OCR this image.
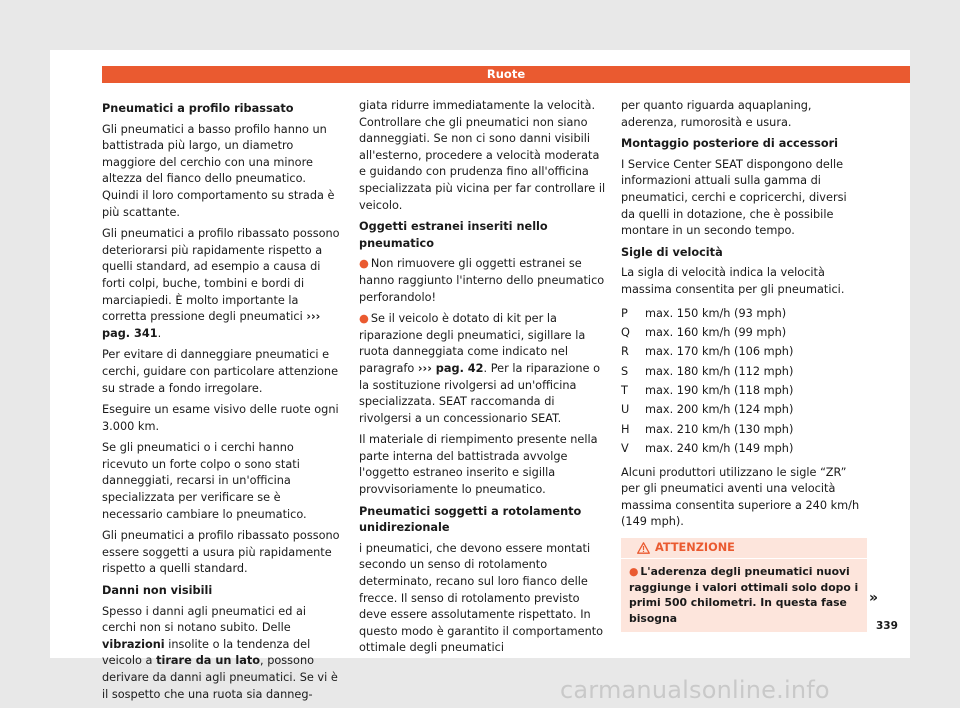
Ruote
Pneumatici a profilo ribassato

Gli pneumatici a basso profilo hanno un battistrada più largo, un diametro maggiore del cerchio con una minore altezza del fianco dello pneumatico. Quindi il loro comportamento su strada è più scattante.

Gli pneumatici a profilo ribassato possono deteriorarsi più rapidamente rispetto a quelli standard, ad esempio a causa di forti colpi, buche, tombini e bordi di marciapiedi. È molto importante la corretta pressione degli pneumatici ››› pag. 341.

Per evitare di danneggiare pneumatici e cerchi, guidare con particolare attenzione su strade a fondo irregolare.

Eseguire un esame visivo delle ruote ogni 3.000 km.

Se gli pneumatici o i cerchi hanno ricevuto un forte colpo o sono stati danneggiati, recarsi in un'officina specializzata per verificare se è necessario cambiare lo pneumatico.

Gli pneumatici a profilo ribassato possono essere soggetti a usura più rapidamente rispetto a quelli standard.

Danni non visibili

Spesso i danni agli pneumatici ed ai cerchi non si notano subito. Delle vibrazioni insolite o la tendenza del veicolo a tirare da un lato, possono derivare da danni agli pneumatici. Se vi è il sospetto che una ruota sia danneg-

giata ridurre immediatamente la velocità. Controllare che gli pneumatici non siano danneggiati. Se non ci sono danni visibili all'esterno, procedere a velocità moderata e guidando con prudenza fino all'officina specializzata più vicina per far controllare il veicolo.

Oggetti estranei inseriti nello pneumatico

● Non rimuovere gli oggetti estranei se hanno raggiunto l'interno dello pneumatico perforandolo!

● Se il veicolo è dotato di kit per la riparazione degli pneumatici, sigillare la ruota danneggiata come indicato nel paragrafo ››› pag. 42. Per la riparazione o la sostituzione rivolgersi ad un'officina specializzata. SEAT raccomanda di rivolgersi a un concessionario SEAT.

Il materiale di riempimento presente nella parte interna del battistrada avvolge l'oggetto estraneo inserito e sigilla provvisoriamente lo pneumatico.

Pneumatici soggetti a rotolamento unidirezionale

i pneumatici, che devono essere montati secondo un senso di rotolamento determinato, recano sul loro fianco delle frecce. Il senso di rotolamento previsto deve essere assolutamente rispettato. In questo modo è garantito il comportamento ottimale degli pneumatici

per quanto riguarda aquaplaning, aderenza, rumorosità e usura.

Montaggio posteriore di accessori

I Service Center SEAT dispongono delle informazioni attuali sulla gamma di pneumatici, cerchi e copricerchi, diversi da quelli in dotazione, che è possibile montare in un secondo tempo.

Sigle di velocità

La sigla di velocità indica la velocità massima consentita per gli pneumatici.

P max. 150 km/h (93 mph)
Q max. 160 km/h (99 mph)
R max. 170 km/h (106 mph)
S max. 180 km/h (112 mph)
T max. 190 km/h (118 mph)
U max. 200 km/h (124 mph)
H max. 210 km/h (130 mph)
V max. 240 km/h (149 mph)

Alcuni produttori utilizzano le sigle “ZR” per gli pneumatici aventi una velocità massima consentita superiore a 240 km/h (149 mph).

ATTENZIONE
● L'aderenza degli pneumatici nuovi raggiunge i valori ottimali solo dopo i primi 500 chilometri. In questa fase bisogna
»
339
carmanualsonline.info
